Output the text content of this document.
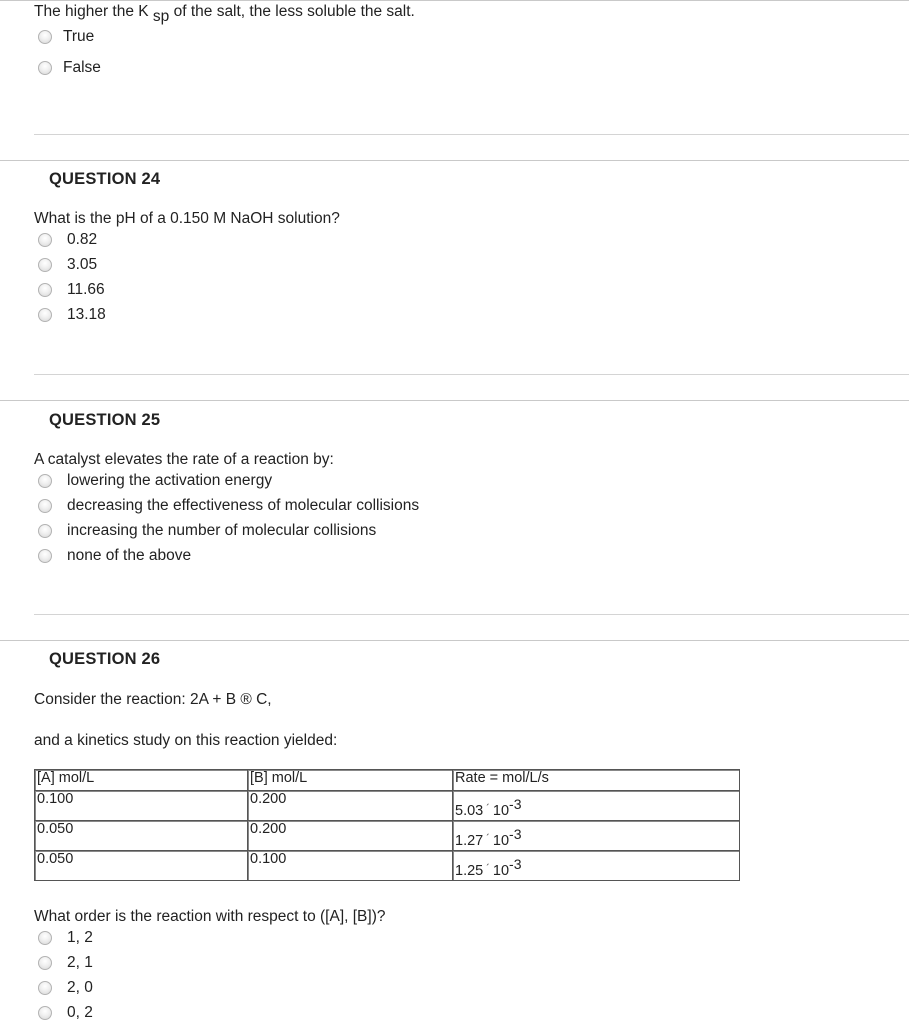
The higher the K $_{sp}$ of the salt, the less soluble the salt.
True
False
QUESTION 24
What is the pH of a 0.150 M NaOH solution?
0.82
3.05
11.66
13.18
QUESTION 25
A catalyst elevates the rate of a reaction by:
lowering the activation energy
decreasing the effectiveness of molecular collisions
increasing the number of molecular collisions
none of the above
QUESTION 26
Consider the reaction: 2A + B ® C,
and a kinetics study on this reaction yielded:
[A] mol/L	[B] mol/L	Rate = mol/L/s
0.100	0.200	5.03 ´ $10^{-3}$
0.050	0.200	1.27 ´ $10^{-3}$
0.050	0.100	1.25 ´ $10^{-3}$
What order is the reaction with respect to ([A], [B])?
1, 2
2, 1
2, 0
0, 2
